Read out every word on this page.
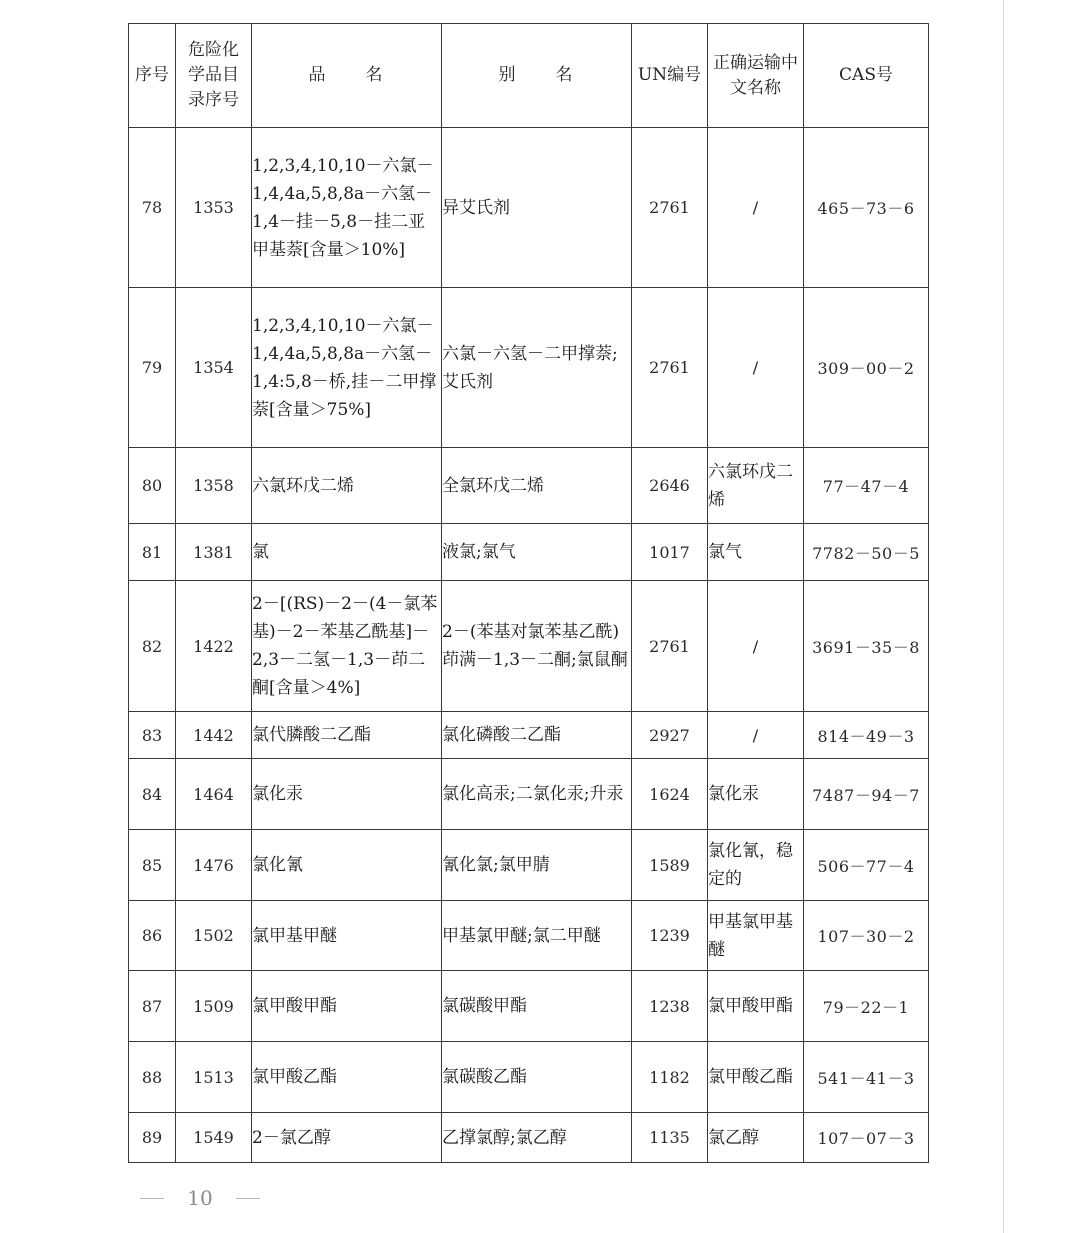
序号	危险化学品目录序号	品　　名	别　　名	UN编号	正确运输中文名称	CAS号

78	1353	1,2,3,4,10,10－六氯－1,4,4a,5,8,8a－六氢－1,4－挂－5,8－挂二亚甲基萘[含量＞10%]	异艾氏剂	2761	/	465－73－6
79	1354	1,2,3,4,10,10－六氯－1,4,4a,5,8,8a－六氢－1,4:5,8－桥,挂－二甲撑萘[含量＞75%]	六氯－六氢－二甲撑萘;艾氏剂	2761	/	309－00－2
80	1358	六氯环戊二烯	全氯环戊二烯	2646	六氯环戊二烯	77－47－4
81	1381	氯	液氯;氯气	1017	氯气	7782－50－5
82	1422	2－[(RS)－2－(4－氯苯基)－2－苯基乙酰基]－2,3－二氢－1,3－茚二酮[含量＞4%]	2－(苯基对氯苯基乙酰)茚满－1,3－二酮;氯鼠酮	2761	/	3691－35－8
83	1442	氯代膦酸二乙酯	氯化磷酸二乙酯	2927	/	814－49－3
84	1464	氯化汞	氯化高汞;二氯化汞;升汞	1624	氯化汞	7487－94－7
85	1476	氯化氰	氰化氯;氯甲腈	1589	氯化氰，稳定的	506－77－4
86	1502	氯甲基甲醚	甲基氯甲醚;氯二甲醚	1239	甲基氯甲基醚	107－30－2
87	1509	氯甲酸甲酯	氯碳酸甲酯	1238	氯甲酸甲酯	79－22－1
88	1513	氯甲酸乙酯	氯碳酸乙酯	1182	氯甲酸乙酯	541－41－3
89	1549	2－氯乙醇	乙撑氯醇;氯乙醇	1135	氯乙醇	107－07－3
10
